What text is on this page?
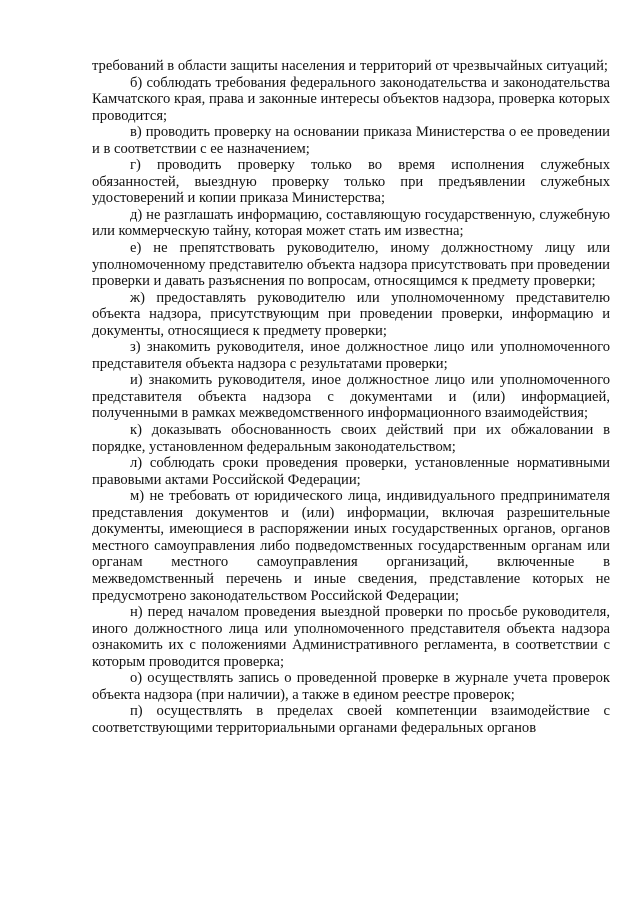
требований в области защиты населения и территорий от чрезвычайных ситуаций;

б) соблюдать требования федерального законодательства и законодательства Камчатского края, права и законные интересы объектов надзора, проверка которых проводится;

в) проводить проверку на основании приказа Министерства о ее проведении и в соответствии с ее назначением;

г) проводить проверку только во время исполнения служебных обязанностей, выездную проверку только при предъявлении служебных удостоверений и копии приказа Министерства;

д) не разглашать информацию, составляющую государственную, служебную или коммерческую тайну, которая может стать им известна;

е) не препятствовать руководителю, иному должностному лицу или уполномоченному представителю объекта надзора присутствовать при проведении проверки и давать разъяснения по вопросам, относящимся к предмету проверки;

ж) предоставлять руководителю или уполномоченному представителю объекта надзора, присутствующим при проведении проверки, информацию и документы, относящиеся к предмету проверки;

з) знакомить руководителя, иное должностное лицо или уполномоченного представителя объекта надзора с результатами проверки;

и) знакомить руководителя, иное должностное лицо или уполномоченного представителя объекта надзора с документами и (или) информацией, полученными в рамках межведомственного информационного взаимодействия;

к) доказывать обоснованность своих действий при их обжаловании в порядке, установленном федеральным законодательством;

л) соблюдать сроки проведения проверки, установленные нормативными правовыми актами Российской Федерации;

м) не требовать от юридического лица, индивидуального предпринимателя представления документов и (или) информации, включая разрешительные документы, имеющиеся в распоряжении иных государственных органов, органов местного самоуправления либо подведомственных государственным органам или органам местного самоуправления организаций, включенные в межведомственный перечень и иные сведения, представление которых не предусмотрено законодательством Российской Федерации;

н) перед началом проведения выездной проверки по просьбе руководителя, иного должностного лица или уполномоченного представителя объекта надзора ознакомить их с положениями Административного регламента, в соответствии с которым проводится проверка;

о) осуществлять запись о проведенной проверке в журнале учета проверок объекта надзора (при наличии), а также в едином реестре проверок;

п) осуществлять в пределах своей компетенции взаимодействие с соответствующими территориальными органами федеральных органов
